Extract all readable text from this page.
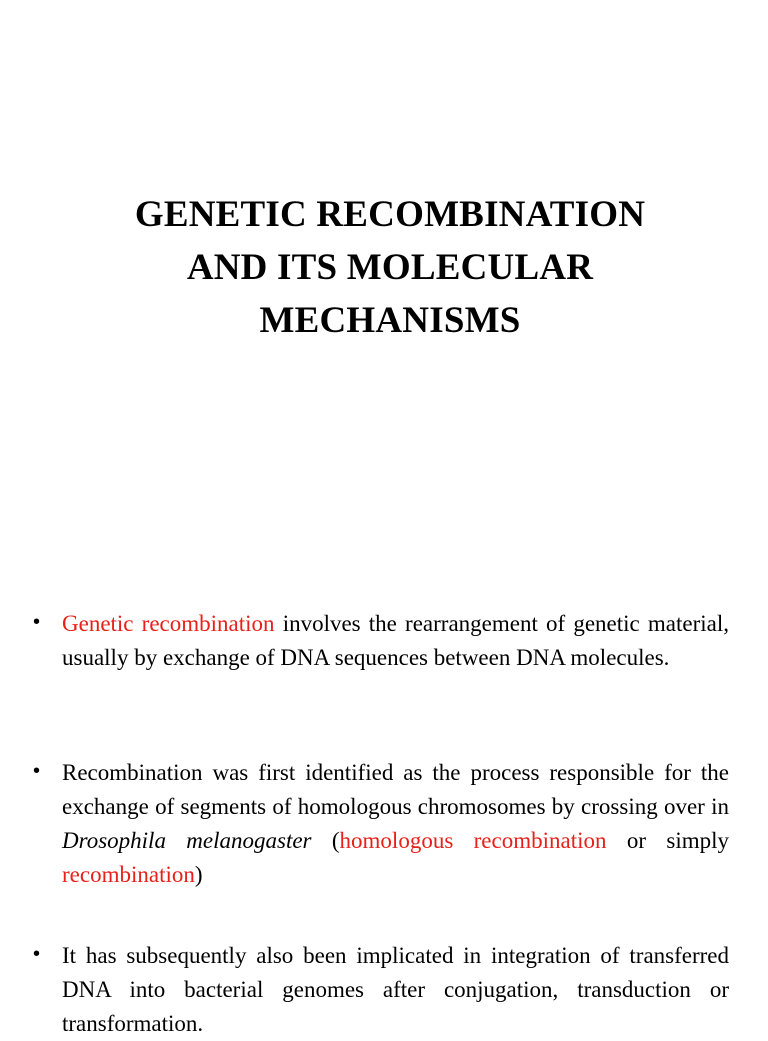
GENETIC RECOMBINATION
AND ITS MOLECULAR
MECHANISMS
• Genetic recombination involves the rearrangement of genetic material, usually by exchange of DNA sequences between DNA molecules.
• Recombination was first identified as the process responsible for the exchange of segments of homologous chromosomes by crossing over in Drosophila melanogaster (homologous recombination or simply recombination)
• It has subsequently also been implicated in integration of transferred DNA into bacterial genomes after conjugation, transduction or transformation.
